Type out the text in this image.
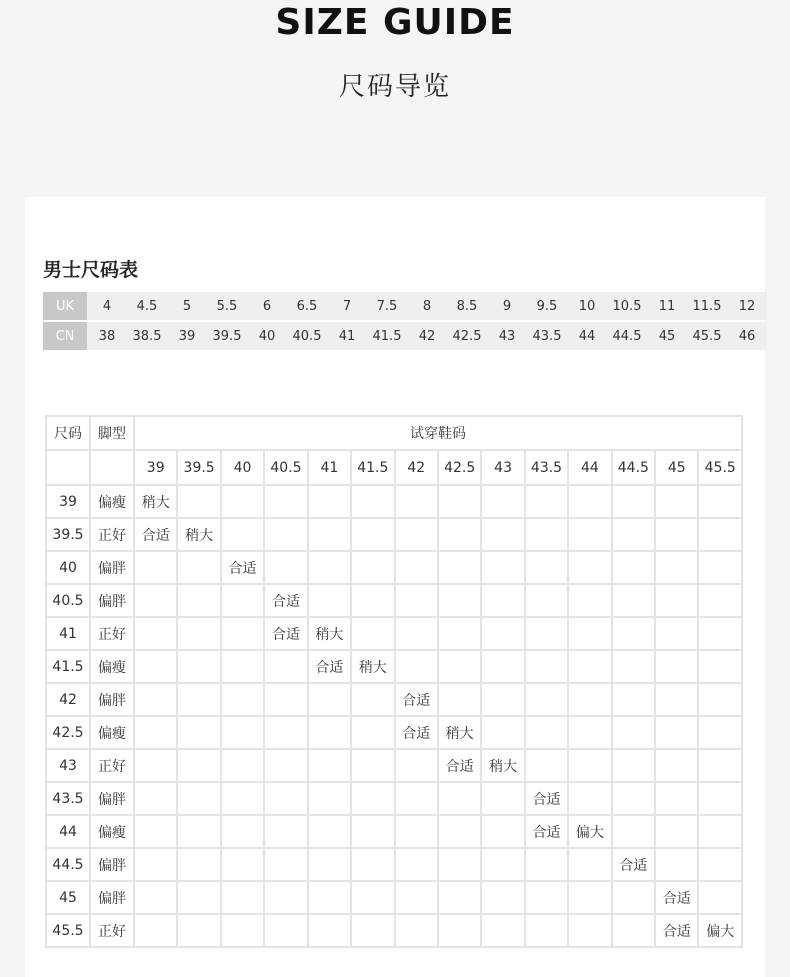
SIZE GUIDE
尺码导览
男士尺码表
UK	4	4.5	5	5.5	6	6.5	7	7.5	8	8.5	9	9.5	10	10.5	11	11.5	12
CN	38	38.5	39	39.5	40	40.5	41	41.5	42	42.5	43	43.5	44	44.5	45	45.5	46
尺码	脚型	试穿鞋码													
		39	39.5	40	40.5	41	41.5	42	42.5	43	43.5	44	44.5	45	45.5
39	偏瘦	稍大													
39.5	正好	合适	稍大												
40	偏胖			合适											
40.5	偏胖				合适										
41	正好				合适	稍大									
41.5	偏瘦					合适	稍大								
42	偏胖							合适							
42.5	偏瘦							合适	稍大						
43	正好								合适	稍大					
43.5	偏胖										合适				
44	偏瘦										合适	偏大			
44.5	偏胖												合适		
45	偏胖													合适	
45.5	正好													合适	偏大
